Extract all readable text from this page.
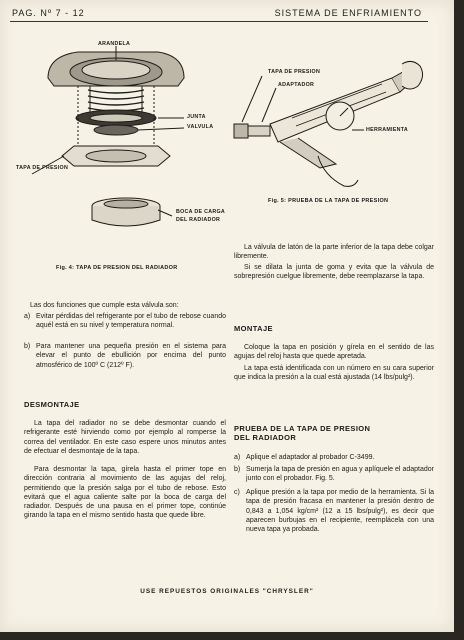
PAG. Nº 7 - 12	SISTEMA DE ENFRIAMIENTO
ARANDELA
JUNTA
VALVULA
TAPA DE PRESION
BOCA DE CARGA
DEL RADIADOR
Fig. 4: TAPA DE PRESION DEL RADIADOR
TAPA DE PRESION
ADAPTADOR
HERRAMIENTA
Fig. 5: PRUEBA DE LA TAPA DE PRESION
Las dos funciones que cumple esta válvula son:
a) Evitar pérdidas del refrigerante por el tubo de rebose cuando aquél está en su nivel y temperatura normal.
b) Para mantener una pequeña presión en el sistema para elevar el punto de ebullición por encima del punto atmosférico de 100º C (212º F).
DESMONTAJE
La tapa del radiador no se debe desmontar cuando el refrigerante esté hirviendo como por ejemplo al romperse la correa del ventilador. En este caso espere unos minutos antes de efectuar el desmontaje de la tapa.
Para desmontar la tapa, gírela hasta el primer tope en dirección contraria al movimiento de las agujas del reloj, permitiendo que la presión salga por el tubo de rebose. Esto evitará que el agua caliente salte por la boca de carga del radiador. Después de una pausa en el primer tope, continúe girando la tapa en el mismo sentido hasta que quede libre.
La válvula de latón de la parte inferior de la tapa debe colgar libremente.
Si se dilata la junta de goma y evita que la válvula de sobrepresión cuelgue libremente, debe reemplazarse la tapa.
MONTAJE
Coloque la tapa en posición y gírela en el sentido de las agujas del reloj hasta que quede apretada.
La tapa está identificada con un número en su cara superior que indica la presión a la cual está ajustada (14 lbs/pulg²).
PRUEBA DE LA TAPA DE PRESION
DEL RADIADOR
a) Aplique el adaptador al probador C-3499.
b) Sumerja la tapa de presión en agua y aplíquele el adaptador junto con el probador. Fig. 5.
c) Aplique presión a la tapa por medio de la herramienta. Si la tapa de presión fracasa en mantener la presión dentro de 0,843 a 1,054 kg/cm² (12 a 15 lbs/pulg²), es decir que aparecen burbujas en el recipiente, reemplácela con una nueva tapa ya probada.
USE REPUESTOS ORIGINALES "CHRYSLER"
